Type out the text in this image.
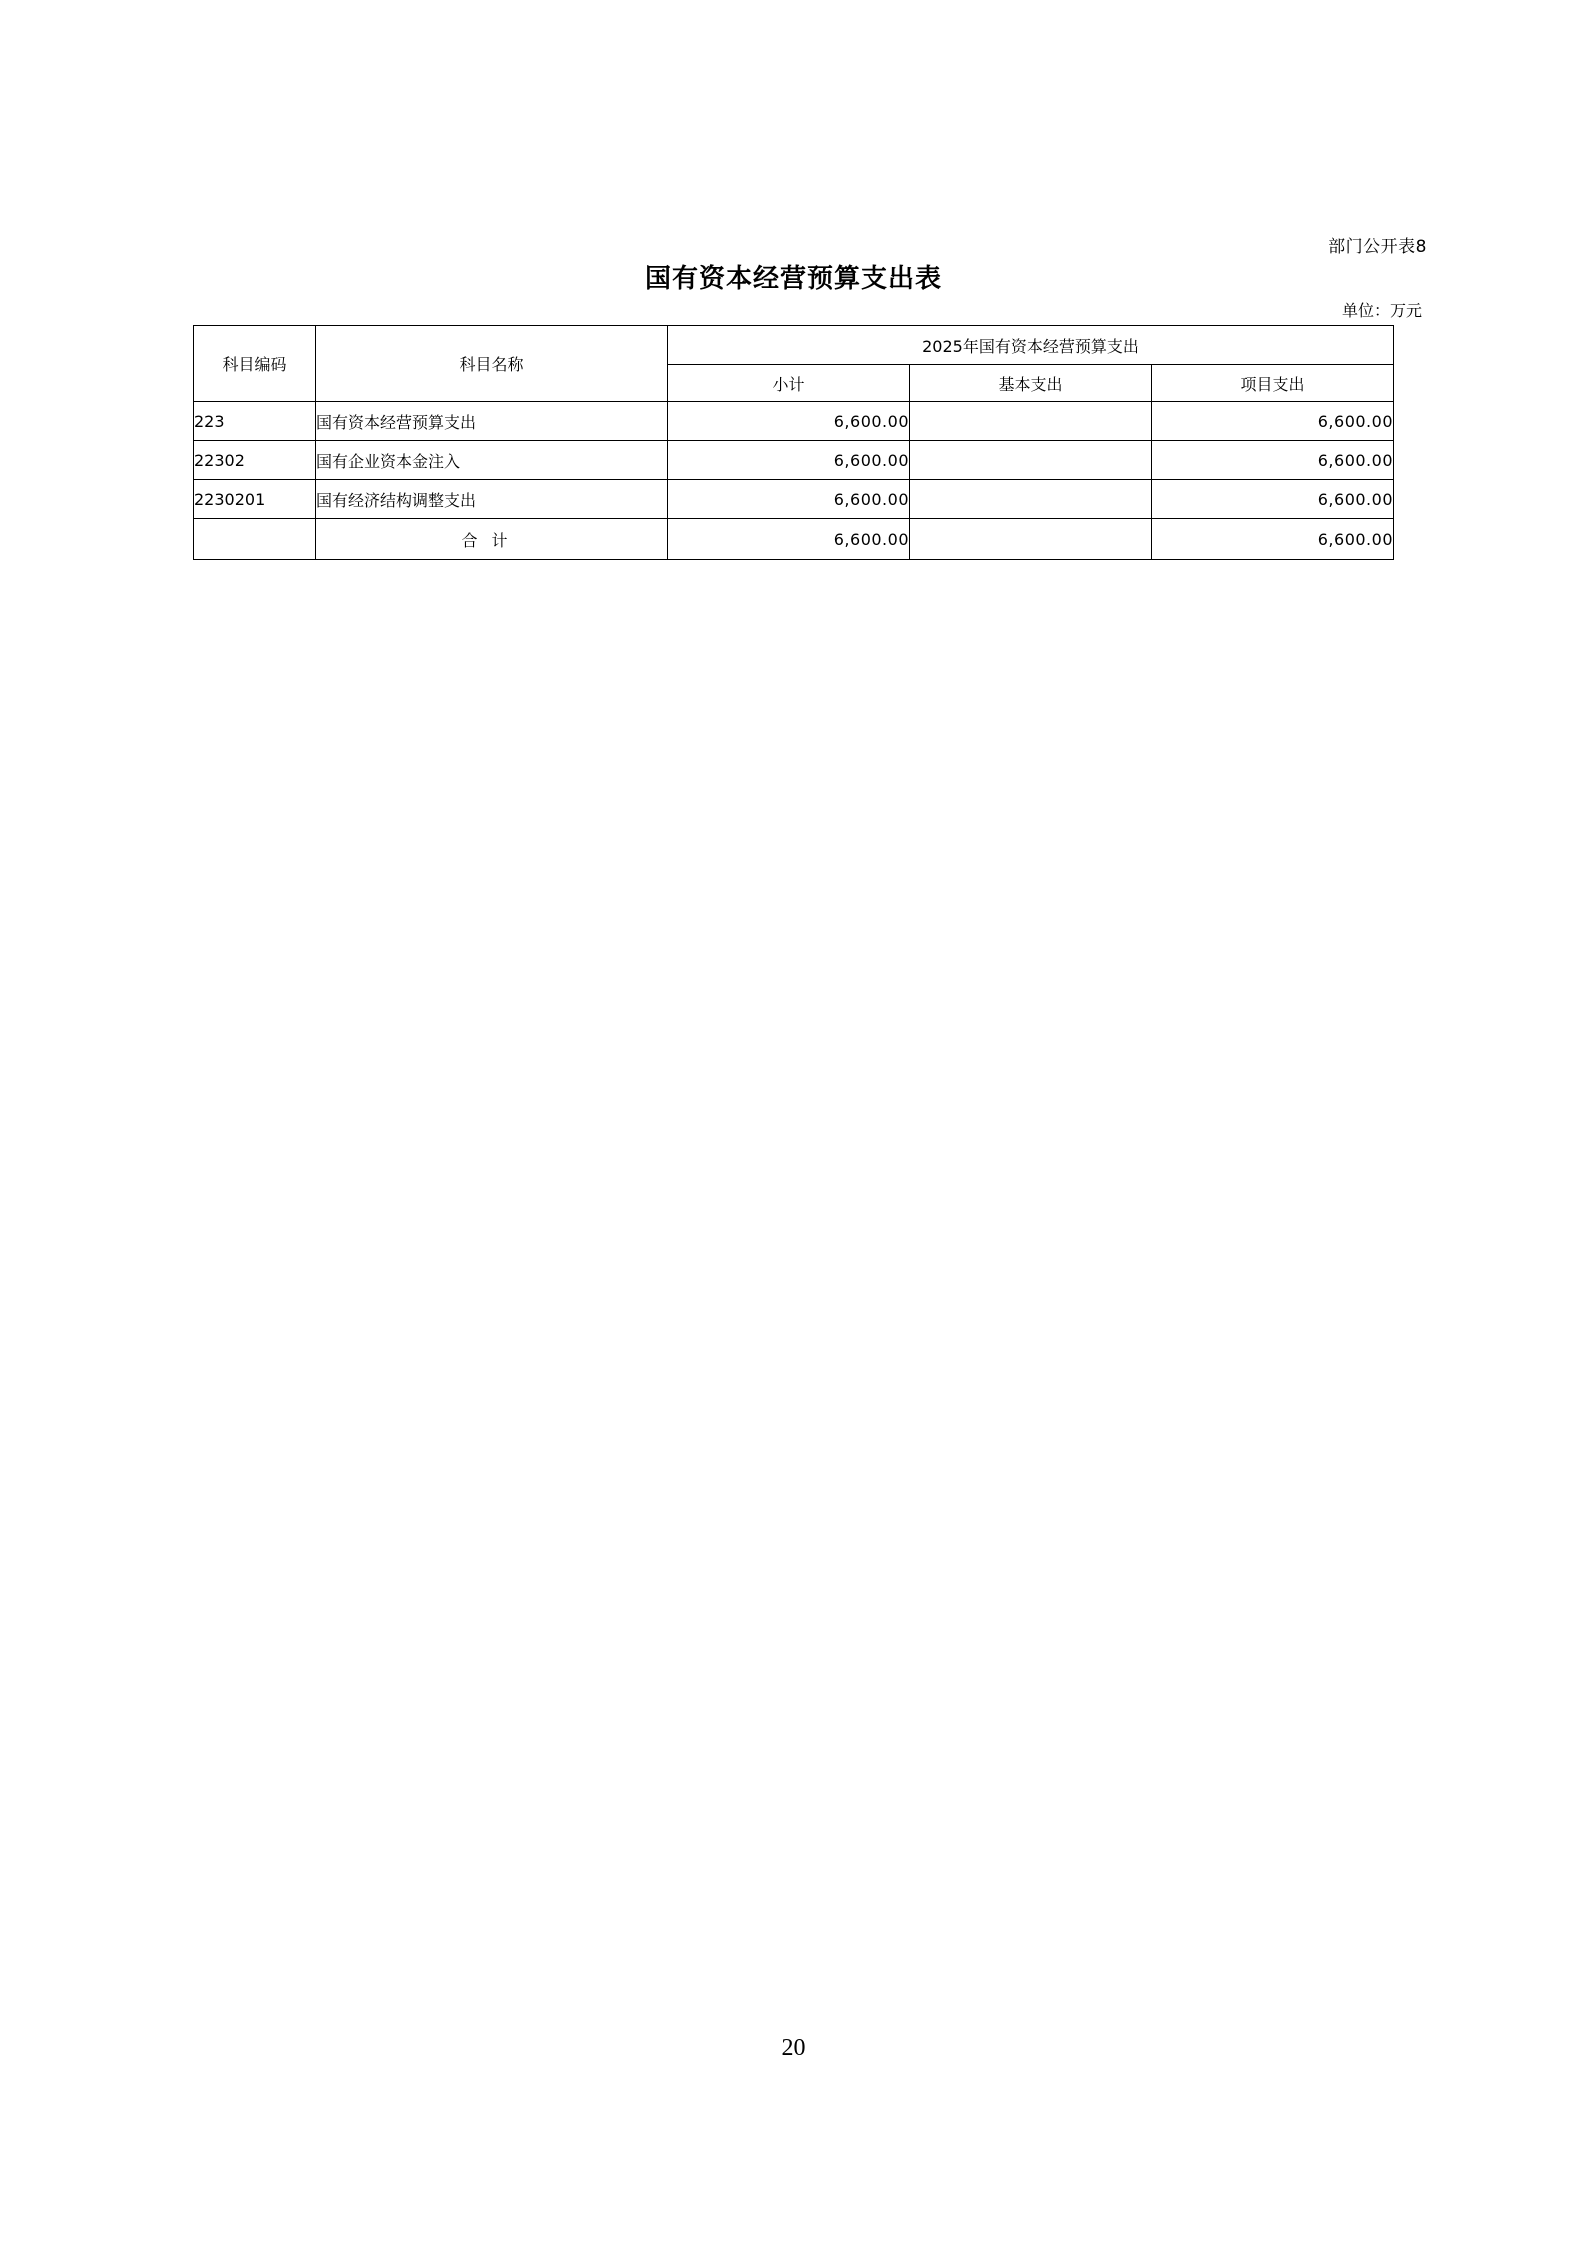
部门公开表8
国有资本经营预算支出表
单位：万元
科目编码	科目名称	2025年国有资本经营预算支出		
		小计	基本支出	项目支出
223	国有资本经营预算支出	6,600.00		6,600.00
22302	国有企业资本金注入	6,600.00		6,600.00
2230201	国有经济结构调整支出	6,600.00		6,600.00
	合计	6,600.00		6,600.00
20
